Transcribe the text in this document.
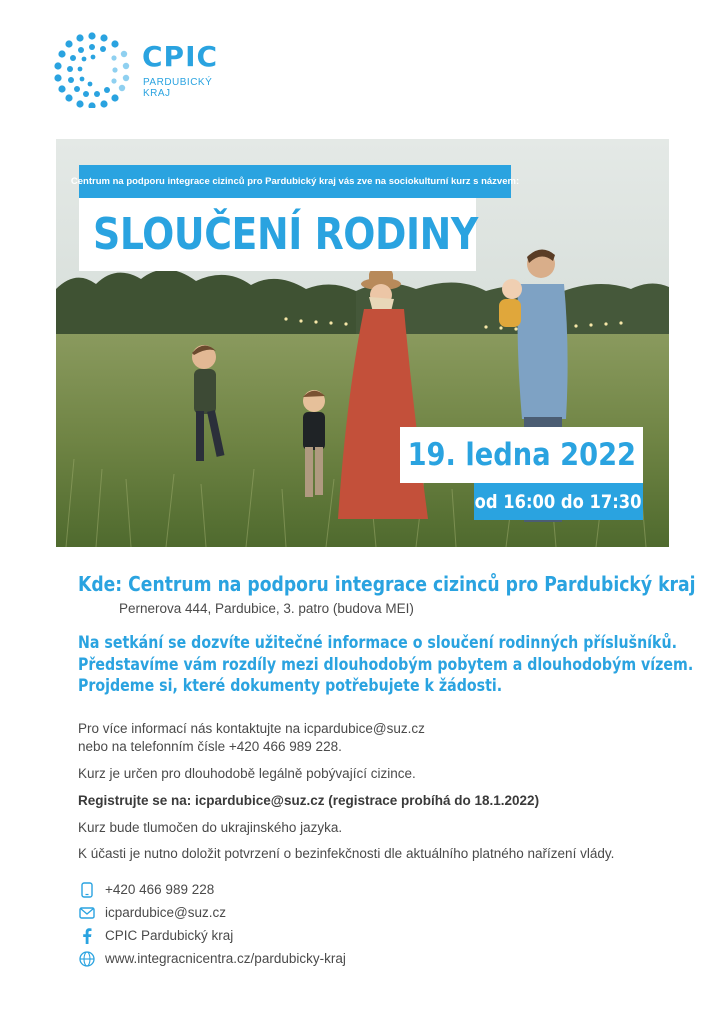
CPIC
PARDUBICKÝ
KRAJ
Centrum na podporu integrace cizinců pro Pardubický kraj vás zve na sociokulturní kurz s názvem:
SLOUČENÍ RODINY
19. ledna 2022
od 16:00 do 17:30
Kde: Centrum na podporu integrace cizinců pro Pardubický kraj
Pernerova 444, Pardubice, 3. patro (budova MEI)
Na setkání se dozvíte užitečné informace o sloučení rodinných příslušníků.
Představíme vám rozdíly mezi dlouhodobým pobytem a dlouhodobým vízem.
Projdeme si, které dokumenty potřebujete k žádosti.
Pro více informací nás kontaktujte na icpardubice@suz.cz
nebo na telefonním čísle +420 466 989 228.
Kurz je určen pro dlouhodobě legálně pobývající cizince.
Registrujte se na: icpardubice@suz.cz (registrace probíhá do 18.1.2022)
Kurz bude tlumočen do ukrajinského jazyka.
K účasti je nutno doložit potvrzení o bezinfekčnosti dle aktuálního platného nařízení vlády.
+420 466 989 228
icpardubice@suz.cz
CPIC Pardubický kraj
www.integracnicentra.cz/pardubicky-kraj
